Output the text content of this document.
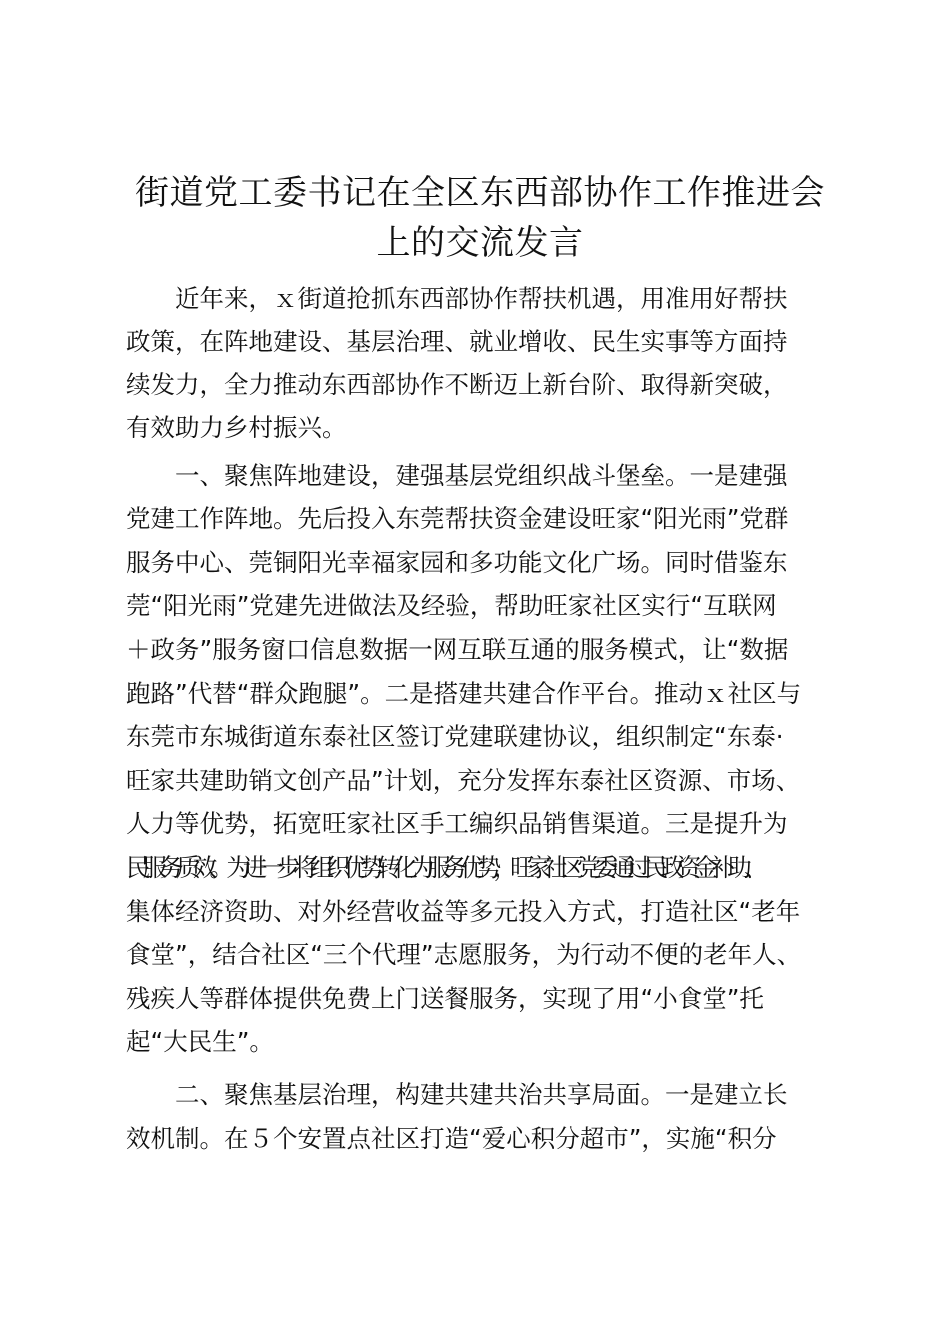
街道党工委书记在全区东西部协作工作推进会
上的交流发言
　　近年来，ｘ街道抢抓东西部协作帮扶机遇，用准用好帮扶
政策，在阵地建设、基层治理、就业增收、民生实事等方面持
续发力，全力推动东西部协作不断迈上新台阶、取得新突破，
有效助力乡村振兴。
　　一、聚焦阵地建设，建强基层党组织战斗堡垒。一是建强
党建工作阵地。先后投入东莞帮扶资金建设旺家“阳光雨”党群
服务中心、莞铜阳光幸福家园和多功能文化广场。同时借鉴东
莞“阳光雨”党建先进做法及经验，帮助旺家社区实行“互联网
＋政务”服务窗口信息数据一网互联互通的服务模式，让“数据
跑路”代替“群众跑腿”。二是搭建共建合作平台。推动ｘ社区与
东莞市东城街道东泰社区签订党建联建协议，组织制定“东泰·
旺家共建助销文创产品”计划，充分发挥东泰社区资源、市场、
人力等优势，拓宽旺家社区手工编织品销售渠道。三是提升为
民服务质效。为进一步将组织优势转化为服务优势，旺家社区党委通过民政资金补助、
集体经济资助、对外经营收益等多元投入方式，打造社区“老年
食堂”，结合社区“三个代理”志愿服务，为行动不便的老年人、
残疾人等群体提供免费上门送餐服务，实现了用“小食堂”托
起“大民生”。
　　二、聚焦基层治理，构建共建共治共享局面。一是建立长
效机制。在５个安置点社区打造“爱心积分超市”，实施“积分
